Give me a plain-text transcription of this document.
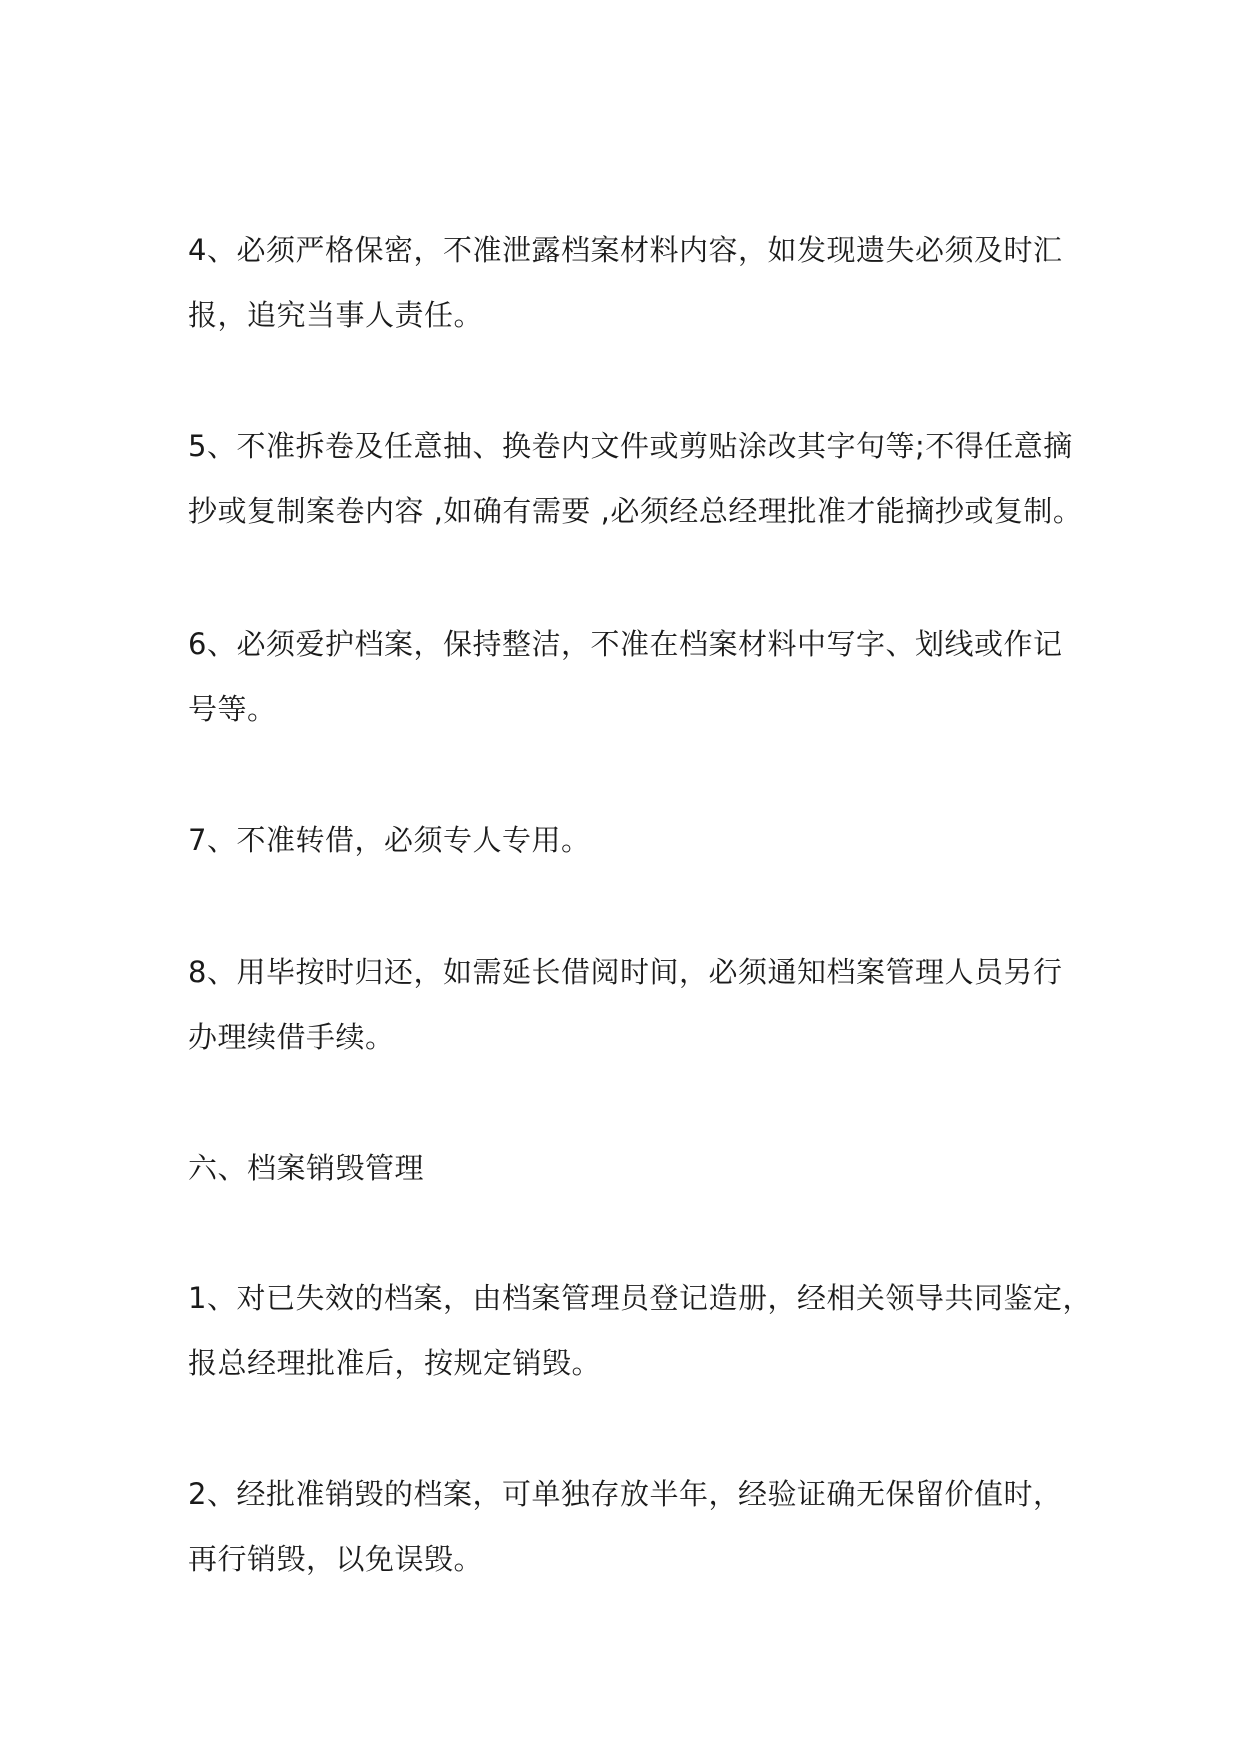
4、必须严格保密，不准泄露档案材料内容，如发现遗失必须及时汇
报，追究当事人责任。
5、不准拆卷及任意抽、换卷内文件或剪贴涂改其字句等;不得任意摘
抄或复制案卷内容 ,如确有需要 ,必须经总经理批准才能摘抄或复制。
6、必须爱护档案，保持整洁，不准在档案材料中写字、划线或作记
号等。
7、不准转借，必须专人专用。
8、用毕按时归还，如需延长借阅时间，必须通知档案管理人员另行
办理续借手续。
六、档案销毁管理
1、对已失效的档案，由档案管理员登记造册，经相关领导共同鉴定，
报总经理批准后，按规定销毁。
2、经批准销毁的档案，可单独存放半年，经验证确无保留价值时，
再行销毁，以免误毁。
